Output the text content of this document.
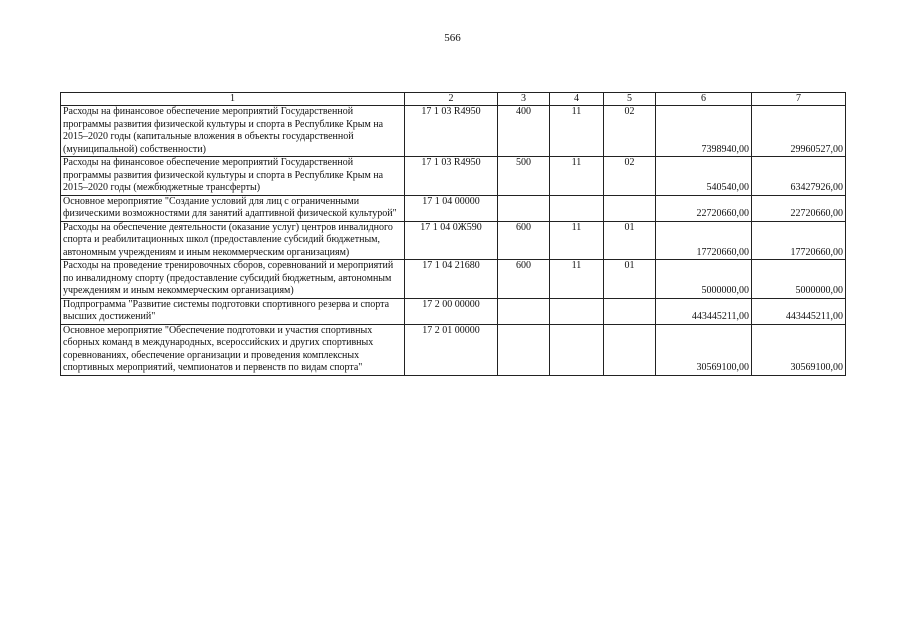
566
1	2	3	4	5	6	7
Расходы на финансовое обеспечение мероприятий Государственной программы развития физической культуры и спорта в Республике Крым на 2015–2020 годы (капитальные вложения в объекты государственной (муниципальной) собственности)	17 1 03 R4950	400	11	02	7398940,00	29960527,00
Расходы на финансовое обеспечение мероприятий Государственной программы развития физической культуры и спорта в Республике Крым на 2015–2020 годы (межбюджетные трансферты)	17 1 03 R4950	500	11	02	540540,00	63427926,00
Основное мероприятие "Создание условий для лиц с ограниченными физическими возможностями для занятий адаптивной физической культурой"	17 1 04 00000				22720660,00	22720660,00
Расходы на обеспечение деятельности (оказание услуг) центров инвалидного спорта и реабилитационных школ (предоставление субсидий бюджетным, автономным учреждениям и иным некоммерческим организациям)	17 1 04 0Ж590	600	11	01	17720660,00	17720660,00
Расходы на проведение тренировочных сборов, соревнований и мероприятий по инвалидному спорту (предоставление субсидий бюджетным, автономным учреждениям и иным некоммерческим организациям)	17 1 04 21680	600	11	01	5000000,00	5000000,00
Подпрограмма "Развитие системы подготовки спортивного резерва и спорта высших достижений"	17 2 00 00000				443445211,00	443445211,00
Основное мероприятие "Обеспечение подготовки и участия спортивных сборных команд в международных, всероссийских и других спортивных соревнованиях, обеспечение организации и проведения комплексных спортивных мероприятий, чемпионатов и первенств по видам спорта"	17 2 01 00000				30569100,00	30569100,00
